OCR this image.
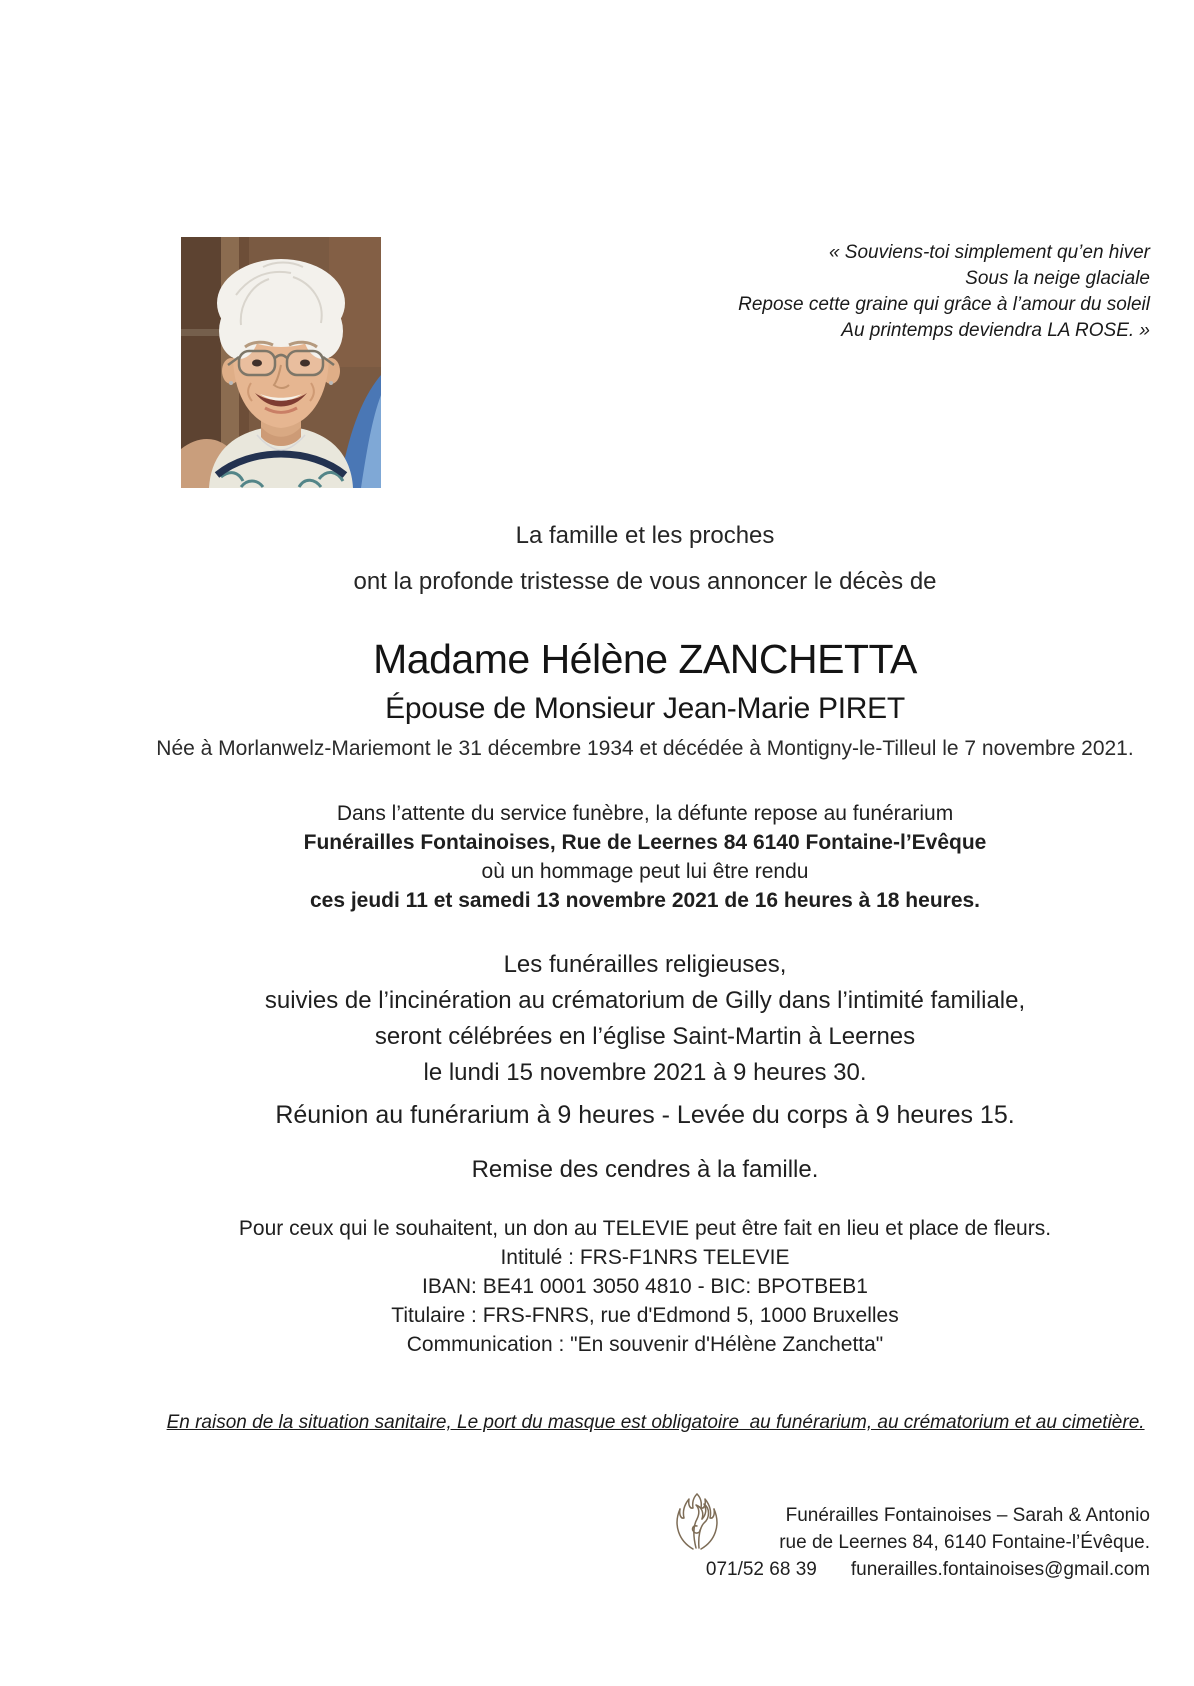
« Souviens-toi simplement qu’en hiver
Sous la neige glaciale
Repose cette graine qui grâce à l’amour du soleil
Au printemps deviendra LA ROSE. »
La famille et les proches
ont la profonde tristesse de vous annoncer le décès de
Madame Hélène ZANCHETTA
Épouse de Monsieur Jean-Marie PIRET
Née à Morlanwelz-Mariemont le 31 décembre 1934 et décédée à Montigny-le-Tilleul le 7 novembre 2021.
Dans l’attente du service funèbre, la défunte repose au funérarium
Funérailles Fontainoises, Rue de Leernes 84 6140 Fontaine-l’Evêque
où un hommage peut lui être rendu
ces jeudi 11 et samedi 13 novembre 2021 de 16 heures à 18 heures.
Les funérailles religieuses,
suivies de l’incinération au crématorium de Gilly dans l’intimité familiale,
seront célébrées en l’église Saint-Martin à Leernes
le lundi 15 novembre 2021 à 9 heures 30.
Réunion au funérarium à 9 heures - Levée du corps à 9 heures 15.
Remise des cendres à la famille.
Pour ceux qui le souhaitent, un don au TELEVIE peut être fait en lieu et place de fleurs.
Intitulé : FRS-F1NRS TELEVIE
IBAN: BE41 0001 3050 4810 - BIC: BPOTBEB1
Titulaire : FRS-FNRS, rue d'Edmond 5, 1000 Bruxelles
Communication : "En souvenir d'Hélène Zanchetta"

En raison de la situation sanitaire, Le port du masque est obligatoire  au funérarium, au crématorium et au cimetière.

Funérailles Fontainoises – Sarah & Antonio
rue de Leernes 84, 6140 Fontaine-l’Évêque.
071/52 68 39 funerailles.fontainoises@gmail.com
